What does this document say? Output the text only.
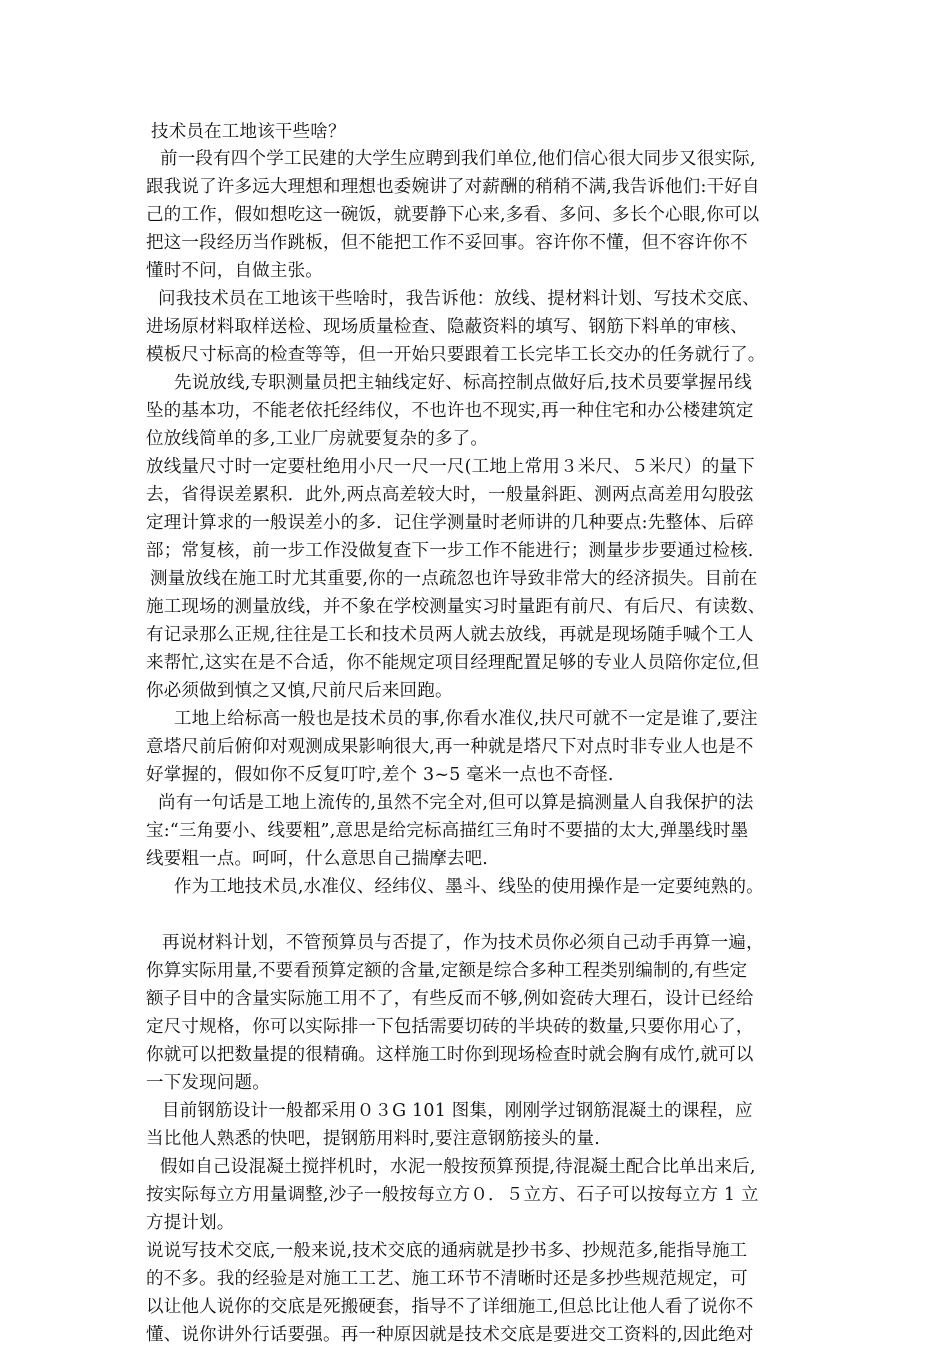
技术员在工地该干些啥？
前一段有四个学工民建的大学生应聘到我们单位,他们信心很大同步又很实际,
跟我说了许多远大理想和理想也委婉讲了对薪酬的稍稍不满,我告诉他们:干好自
己的工作，假如想吃这一碗饭，就要静下心来,多看、多问、多长个心眼,你可以
把这一段经历当作跳板，但不能把工作不妥回事。容许你不懂，但不容许你不
懂时不问，自做主张。
问我技术员在工地该干些啥时，我告诉他：放线、提材料计划、写技术交底、
进场原材料取样送检、现场质量检查、隐蔽资料的填写、钢筋下料单的审核、
模板尺寸标高的检查等等，但一开始只要跟着工长完毕工长交办的任务就行了。
先说放线,专职测量员把主轴线定好、标高控制点做好后,技术员要掌握吊线
坠的基本功，不能老依托经纬仪，不也许也不现实,再一种住宅和办公楼建筑定
位放线简单的多,工业厂房就要复杂的多了。
放线量尺寸时一定要杜绝用小尺一尺一尺(工地上常用３米尺、５米尺）的量下
去，省得误差累积．此外,两点高差较大时，一般量斜距、测两点高差用勾股弦
定理计算求的一般误差小的多．记住学测量时老师讲的几种要点:先整体、后碎
部；常复核，前一步工作没做复查下一步工作不能进行；测量步步要通过检核.
测量放线在施工时尤其重要,你的一点疏忽也许导致非常大的经济损失。目前在
施工现场的测量放线，并不象在学校测量实习时量距有前尺、有后尺、有读数、
有记录那么正规,往往是工长和技术员两人就去放线，再就是现场随手喊个工人
来帮忙,这实在是不合适，你不能规定项目经理配置足够的专业人员陪你定位,但
你必须做到慎之又慎,尺前尺后来回跑。
工地上给标高一般也是技术员的事,你看水准仪,扶尺可就不一定是谁了,要注
意塔尺前后俯仰对观测成果影响很大,再一种就是塔尺下对点时非专业人也是不
好掌握的，假如你不反复叮咛,差个 3~5 毫米一点也不奇怪.
尚有一句话是工地上流传的,虽然不完全对,但可以算是搞测量人自我保护的法
宝:“三角要小、线要粗”,意思是给完标高描红三角时不要描的太大,弹墨线时墨
线要粗一点。呵呵，什么意思自己揣摩去吧.
作为工地技术员,水准仪、经纬仪、墨斗、线坠的使用操作是一定要纯熟的。
再说材料计划，不管预算员与否提了，作为技术员你必须自己动手再算一遍，
你算实际用量,不要看预算定额的含量,定额是综合多种工程类别编制的,有些定
额子目中的含量实际施工用不了，有些反而不够,例如瓷砖大理石，设计已经给
定尺寸规格，你可以实际排一下包括需要切砖的半块砖的数量,只要你用心了，
你就可以把数量提的很精确。这样施工时你到现场检查时就会胸有成竹,就可以
一下发现问题。
目前钢筋设计一般都采用０３G 101 图集，刚刚学过钢筋混凝土的课程，应
当比他人熟悉的快吧，提钢筋用料时,要注意钢筋接头的量.
假如自己设混凝土搅拌机时，水泥一般按预算预提,待混凝土配合比单出来后,
按实际每立方用量调整,沙子一般按每立方０．５立方、石子可以按每立方 1 立
方提计划。
说说写技术交底,一般来说,技术交底的通病就是抄书多、抄规范多,能指导施工
的不多。我的经验是对施工工艺、施工环节不清晰时还是多抄些规范规定，可
以让他人说你的交底是死搬硬套，指导不了详细施工,但总比让他人看了说你不
懂、说你讲外行话要强。再一种原因就是技术交底是要进交工资料的,因此绝对
